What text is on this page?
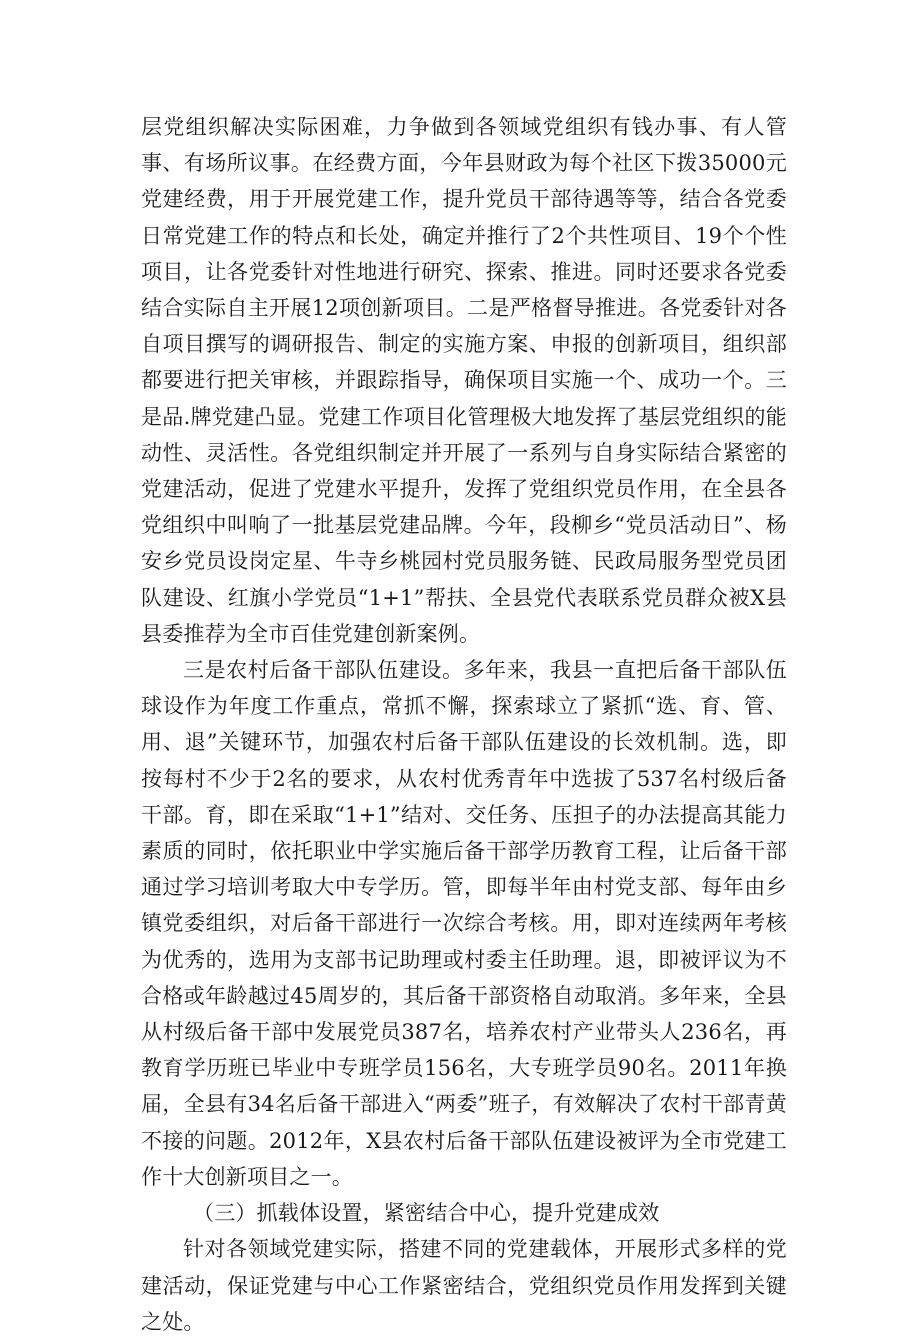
层党组织解决实际困难，力争做到各领域党组织有钱办事、有人管事、有场所议事。在经费方面，今年县财政为每个社区下拨35000元党建经费，用于开展党建工作，提升党员干部待遇等等，结合各党委日常党建工作的特点和长处，确定并推行了2个共性项目、19个个性项目，让各党委针对性地进行研究、探索、推进。同时还要求各党委结合实际自主开展12项创新项目。二是严格督导推进。各党委针对各自项目撰写的调研报告、制定的实施方案、申报的创新项目，组织部都要进行把关审核，并跟踪指导，确保项目实施一个、成功一个。三是品.牌党建凸显。党建工作项目化管理极大地发挥了基层党组织的能动性、灵活性。各党组织制定并开展了一系列与自身实际结合紧密的党建活动，促进了党建水平提升，发挥了党组织党员作用，在全县各党组织中叫响了一批基层党建品牌。今年，段柳乡“党员活动日”、杨安乡党员设岗定星、牛寺乡桃园村党员服务链、民政局服务型党员团队建设、红旗小学党员“1+1”帮扶、全县党代表联系党员群众被X县县委推荐为全市百佳党建创新案例。

三是农村后备干部队伍建设。多年来，我县一直把后备干部队伍球设作为年度工作重点，常抓不懈，探索球立了紧抓“选、育、管、用、退”关键环节，加强农村后备干部队伍建设的长效机制。选，即按每村不少于2名的要求，从农村优秀青年中选拔了537名村级后备干部。育，即在采取“1+1”结对、交任务、压担子的办法提高其能力素质的同时，依托职业中学实施后备干部学历教育工程，让后备干部通过学习培训考取大中专学历。管，即每半年由村党支部、每年由乡镇党委组织，对后备干部进行一次综合考核。用，即对连续两年考核为优秀的，选用为支部书记助理或村委主任助理。退，即被评议为不合格或年龄越过45周岁的，其后备干部资格自动取消。多年来，全县从村级后备干部中发展党员387名，培养农村产业带头人236名，再教育学历班已毕业中专班学员156名，大专班学员90名。2011年换届，全县有34名后备干部进入“两委”班子，有效解决了农村干部青黄不接的问题。2012年，X县农村后备干部队伍建设被评为全市党建工作十大创新项目之一。

（三）抓载体设置，紧密结合中心，提升党建成效

针对各领域党建实际，搭建不同的党建载体，开展形式多样的党建活动，保证党建与中心工作紧密结合，党组织党员作用发挥到关键之处。
